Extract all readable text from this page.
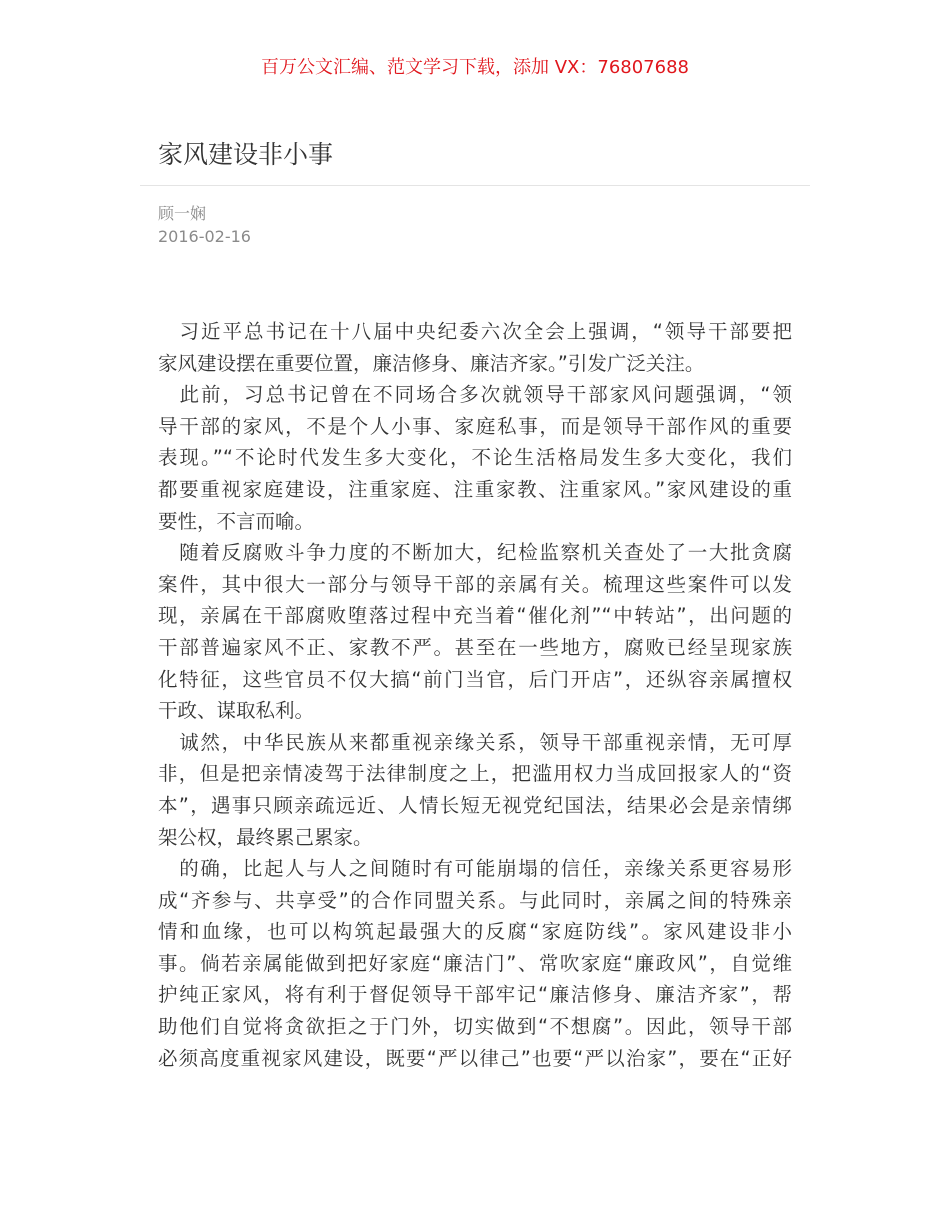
百万公文汇编、范文学习下载，添加 VX：76807688
家风建设非小事
顾一娴
2016-02-16
　习近平总书记在十八届中央纪委六次全会上强调，“领导干部要把
家风建设摆在重要位置，廉洁修身、廉洁齐家。”引发广泛关注。
　此前，习总书记曾在不同场合多次就领导干部家风问题强调，“领
导干部的家风，不是个人小事、家庭私事，而是领导干部作风的重要
表现。”“不论时代发生多大变化，不论生活格局发生多大变化，我们
都要重视家庭建设，注重家庭、注重家教、注重家风。”家风建设的重
要性，不言而喻。
　随着反腐败斗争力度的不断加大，纪检监察机关查处了一大批贪腐
案件，其中很大一部分与领导干部的亲属有关。梳理这些案件可以发
现，亲属在干部腐败堕落过程中充当着“催化剂”“中转站”，出问题的
干部普遍家风不正、家教不严。甚至在一些地方，腐败已经呈现家族
化特征，这些官员不仅大搞“前门当官，后门开店”，还纵容亲属擅权
干政、谋取私利。
　诚然，中华民族从来都重视亲缘关系，领导干部重视亲情，无可厚
非，但是把亲情凌驾于法律制度之上，把滥用权力当成回报家人的“资
本”，遇事只顾亲疏远近、人情长短无视党纪国法，结果必会是亲情绑
架公权，最终累己累家。
　的确，比起人与人之间随时有可能崩塌的信任，亲缘关系更容易形
成“齐参与、共享受”的合作同盟关系。与此同时，亲属之间的特殊亲
情和血缘，也可以构筑起最强大的反腐“家庭防线”。家风建设非小
事。倘若亲属能做到把好家庭“廉洁门”、常吹家庭“廉政风”，自觉维
护纯正家风，将有利于督促领导干部牢记“廉洁修身、廉洁齐家”，帮
助他们自觉将贪欲拒之于门外，切实做到“不想腐”。因此，领导干部
必须高度重视家风建设，既要“严以律己”也要“严以治家”，要在“正好
